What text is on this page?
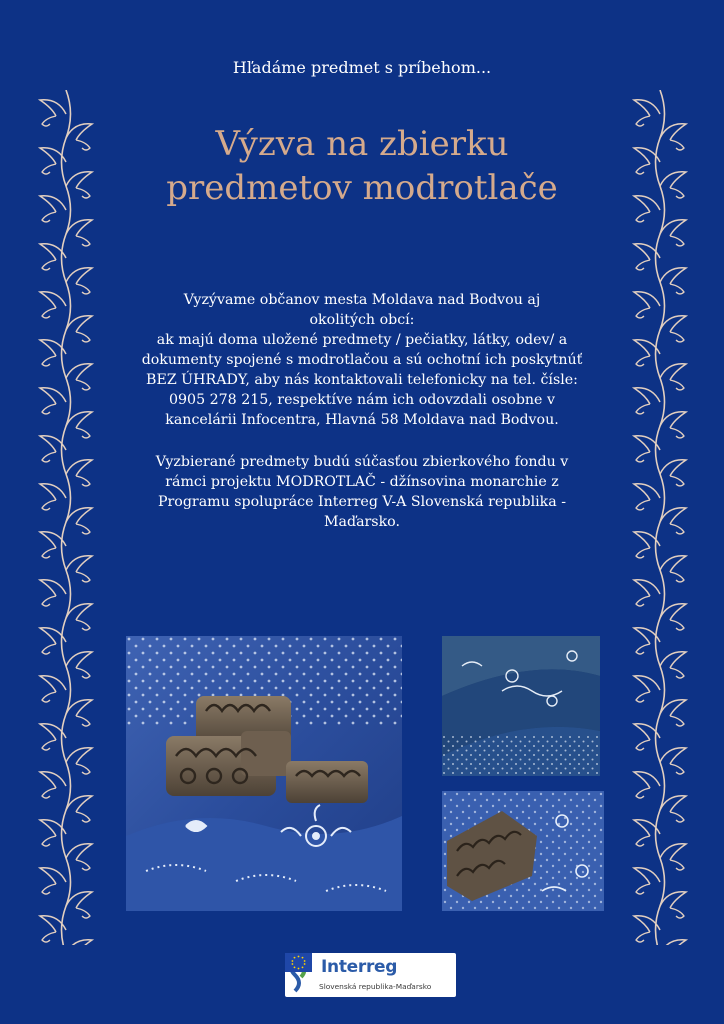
Hľadáme predmet s príbehom...
Výzva na zbierku
predmetov modrotlače

Vyzývame občanov mesta Moldava nad Bodvou aj

okolitých obcí:

ak majú doma uložené predmety / pečiatky, látky, odev/ a

dokumenty spojené s modrotlačou a sú ochotní ich poskytnúť

BEZ ÚHRADY, aby nás kontaktovali telefonicky na tel. čísle:

0905 278 215, respektíve nám ich odovzdali osobne v

kancelárii Infocentra, Hlavná 58 Moldava nad Bodvou.

Vyzbierané predmety budú súčasťou zbierkového fondu v

rámci projektu MODROTLAČ - džínsovina monarchie z

Programu spolupráce Interreg V-A Slovenská republika -

Maďarsko.

Interreg
Slovenská republika-Maďarsko
